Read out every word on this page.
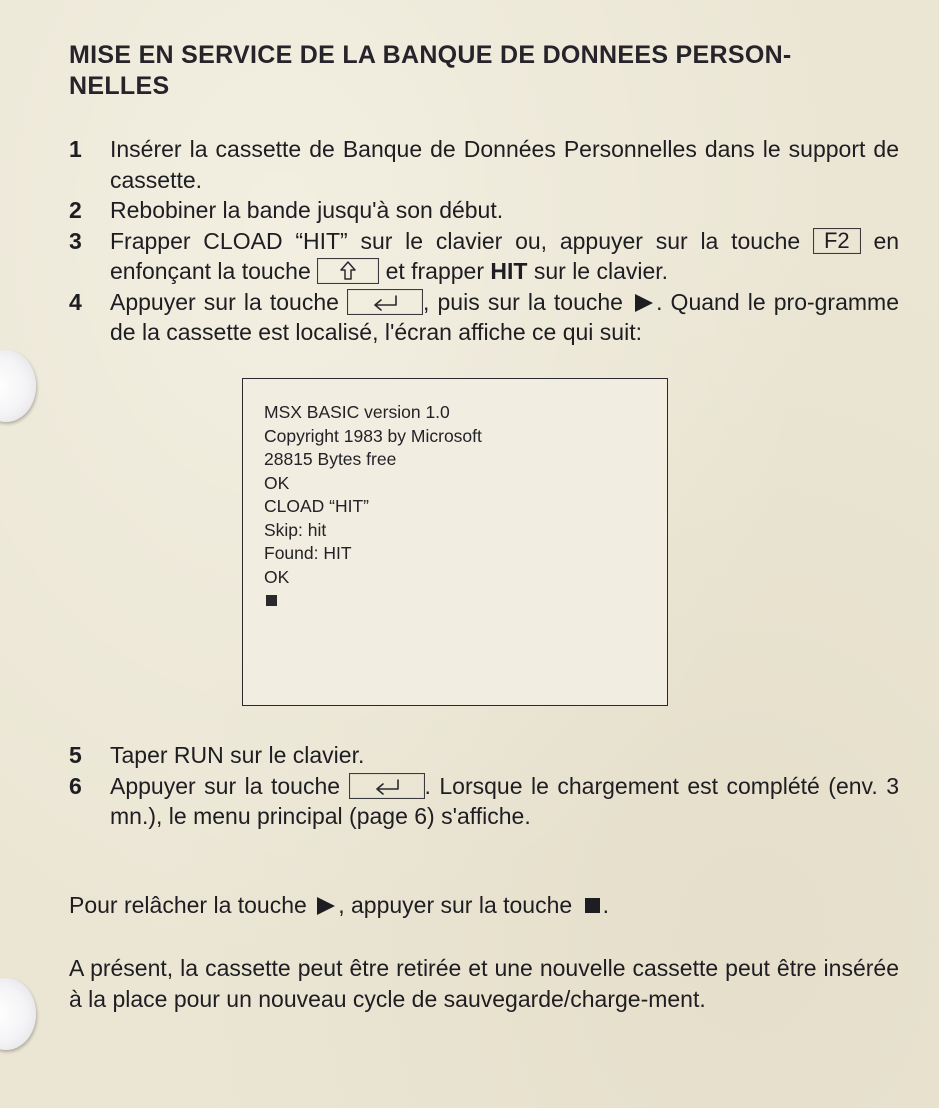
MISE EN SERVICE DE LA BANQUE DE DONNEES PERSON-
NELLES
1	Insérer la cassette de Banque de Données Personnelles dans le support de cassette.
2	Rebobiner la bande jusqu'à son début.
3	Frapper CLOAD “HIT” sur le clavier ou, appuyer sur la touche F2 en enfonçant la touche	et frapper HIT sur le clavier.
4	Appuyer sur la touche	, puis sur la touche . Quand le pro-gramme de la cassette est localisé, l'écran affiche ce qui suit:
MSX BASIC version 1.0
Copyright 1983 by Microsoft
28815 Bytes free
OK
CLOAD “HIT”
Skip: hit
Found: HIT
OK
5	Taper RUN sur le clavier.
6	Appuyer sur la touche	. Lorsque le chargement est complété (env. 3 mn.), le menu principal (page 6) s'affiche.

Pour relâcher la touche , appuyer sur la touche .

A présent, la cassette peut être retirée et une nouvelle cassette peut être insérée à la place pour un nouveau cycle de sauvegarde/charge-ment.
